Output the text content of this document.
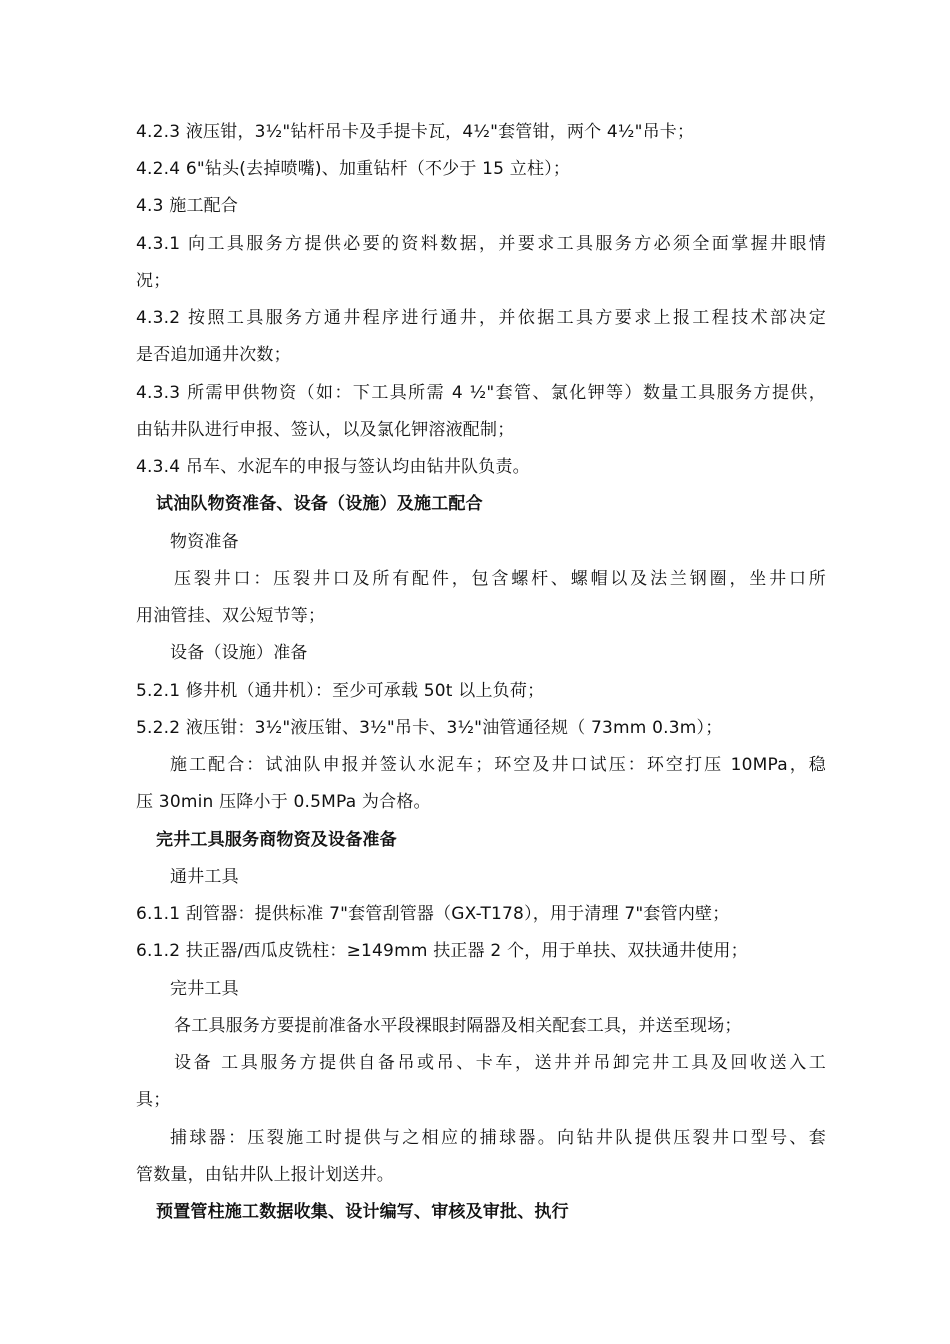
4.2.3 液压钳，3½"钻杆吊卡及手提卡瓦，4½"套管钳，两个 4½"吊卡；
4.2.4 6"钻头(去掉喷嘴)、加重钻杆（不少于 15 立柱）；
4.3 施工配合
4.3.1 向工具服务方提供必要的资料数据，并要求工具服务方必须全面掌握井眼情
况；
4.3.2 按照工具服务方通井程序进行通井，并依据工具方要求上报工程技术部决定
是否追加通井次数；
4.3.3 所需甲供物资（如：下工具所需 4 ½"套管、氯化钾等）数量工具服务方提供，
由钻井队进行申报、签认，以及氯化钾溶液配制；
4.3.4 吊车、水泥车的申报与签认均由钻井队负责。
试油队物资准备、设备（设施）及施工配合
物资准备
压裂井口：压裂井口及所有配件，包含螺杆、螺帽以及法兰钢圈，坐井口所
用油管挂、双公短节等；
设备（设施）准备
5.2.1 修井机（通井机）：至少可承载 50t 以上负荷；
5.2.2 液压钳：3½"液压钳、3½"吊卡、3½"油管通径规（ 73mm 0.3m）；
施工配合：试油队申报并签认水泥车；环空及井口试压：环空打压 10MPa，稳
压 30min 压降小于 0.5MPa 为合格。
完井工具服务商物资及设备准备
通井工具
6.1.1 刮管器：提供标准 7"套管刮管器（GX-T178），用于清理 7"套管内壁；
6.1.2 扶正器/西瓜皮铣柱：≥149mm 扶正器 2 个，用于单扶、双扶通井使用；
完井工具
各工具服务方要提前准备水平段裸眼封隔器及相关配套工具，并送至现场；
设备 工具服务方提供自备吊或吊、卡车，送井并吊卸完井工具及回收送入工
具；
捕球器：压裂施工时提供与之相应的捕球器。向钻井队提供压裂井口型号、套
管数量，由钻井队上报计划送井。
预置管柱施工数据收集、设计编写、审核及审批、执行
